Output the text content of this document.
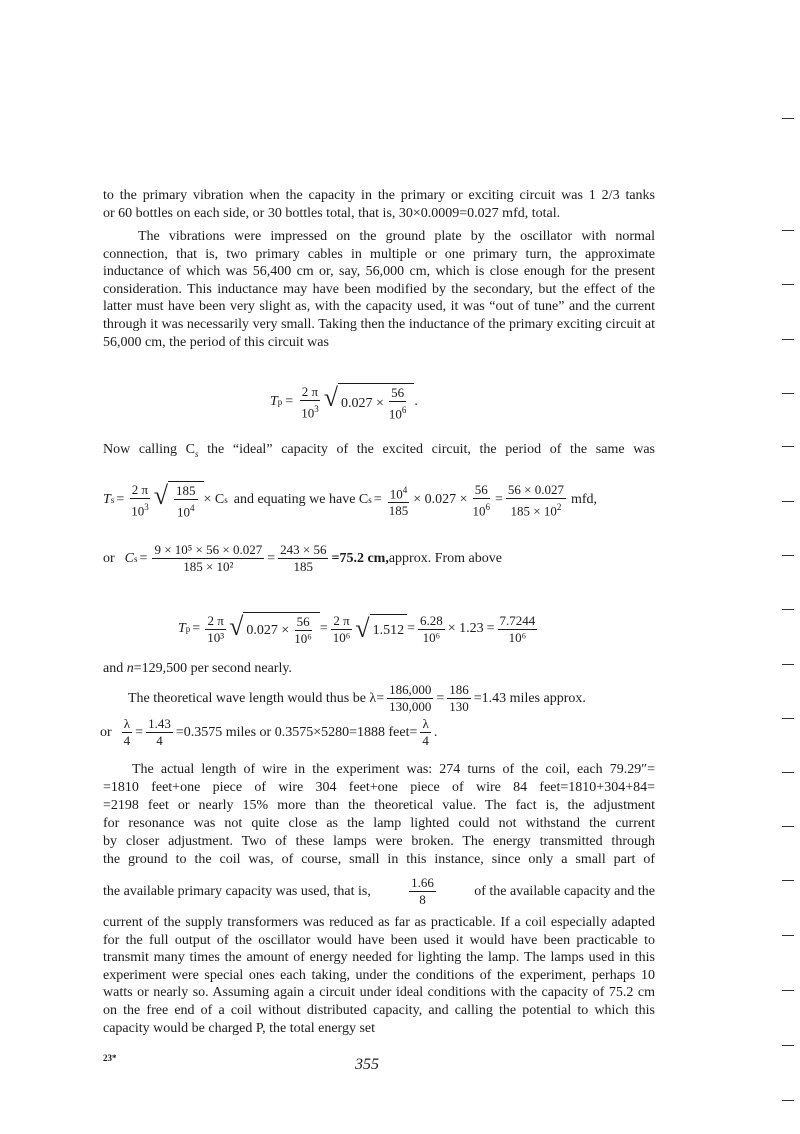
to the primary vibration when the capacity in the primary or exciting circuit was 1 2/3 tanks
or 60 bottles on each side, or 30 bottles total, that is, 30×0.0009=0.027 mfd, total.
The vibrations were impressed on the ground plate by the oscillator with normal connection, that is, two primary cables in multiple or one primary turn, the approximate inductance of which was 56,400 cm or, say, 56,000 cm, which is close enough for the present consideration. This inductance may have been modified by the secondary, but the effect of the latter must have been very slight as, with the capacity used, it was “out of tune” and the current through it was necessarily very small. Taking then the inductance of the primary exciting circuit at 56,000 cm, the period of this circuit was
T $p = \frac{2 \pi}{10^3}$ √ $0.027 \times \frac{56}{10^6}$ .
Now calling $C_s$ the “ideal” capacity of the excited circuit, the period of the same was
T $s = \frac{2 \pi}{10^3}$ √ $\frac{185}{10^4} \times C$ s and equating we have C $s = \frac{10^4}{185} \times 0.027 \times \frac{56}{10^6} = \frac{56 \times 0.027}{185 \times 10^2}$ mfd,
or C $s = \frac{\text{9 × 10⁵ × 56 × 0.027}}{\text{185 × 10²}} = \frac{243 \times 56}{185} =75.2$ cm, approx. From above
T $p = \frac{2 \pi}{\text{10³}}$ √ $0.027 \times \frac{56}{\text{10⁶}} = \frac{2 \pi}{\text{10⁶}}$ √ $1.512 = \frac{6.28}{\text{10⁶}} \times 1.23 = \frac{7.7244}{\text{10⁶}}$
and n=129,500 per second nearly.
The theoretical wave length would thus be $\lambda= \frac{186,000}{130,000} = \frac{186}{130} =1.43$ miles approx.
or $\frac{\lambda}{4} = \frac{1.43}{4} =0.3575$ miles or 0.3575×5280=1888 feet= $\frac{\lambda}{4}$ .
The actual length of wire in the experiment was: 274 turns of the coil, each 79.29″=
=1810 feet+one piece of wire 304 feet+one piece of wire 84 feet=1810+304+84=
=2198 feet or nearly 15% more than the theoretical value. The fact is, the adjustment
for resonance was not quite close as the lamp lighted could not withstand the current
by closer adjustment. Two of these lamps were broken. The energy transmitted through
the ground to the coil was, of course, small in this instance, since only a small part of
the available primary capacity was used, that is,	$\frac{1.66}{8}$	of the available capacity and the
current of the supply transformers was reduced as far as practicable. If a coil especially adapted for the full output of the oscillator would have been used it would have been practicable to transmit many times the amount of energy needed for lighting the lamp. The lamps used in this experiment were special ones each taking, under the conditions of the experiment, perhaps 10 watts or nearly so. Assuming again a circuit under ideal conditions with the capacity of 75.2 cm on the free end of a coil without distributed capacity, and calling the potential to which this capacity would be charged P, the total energy set
23*	355
